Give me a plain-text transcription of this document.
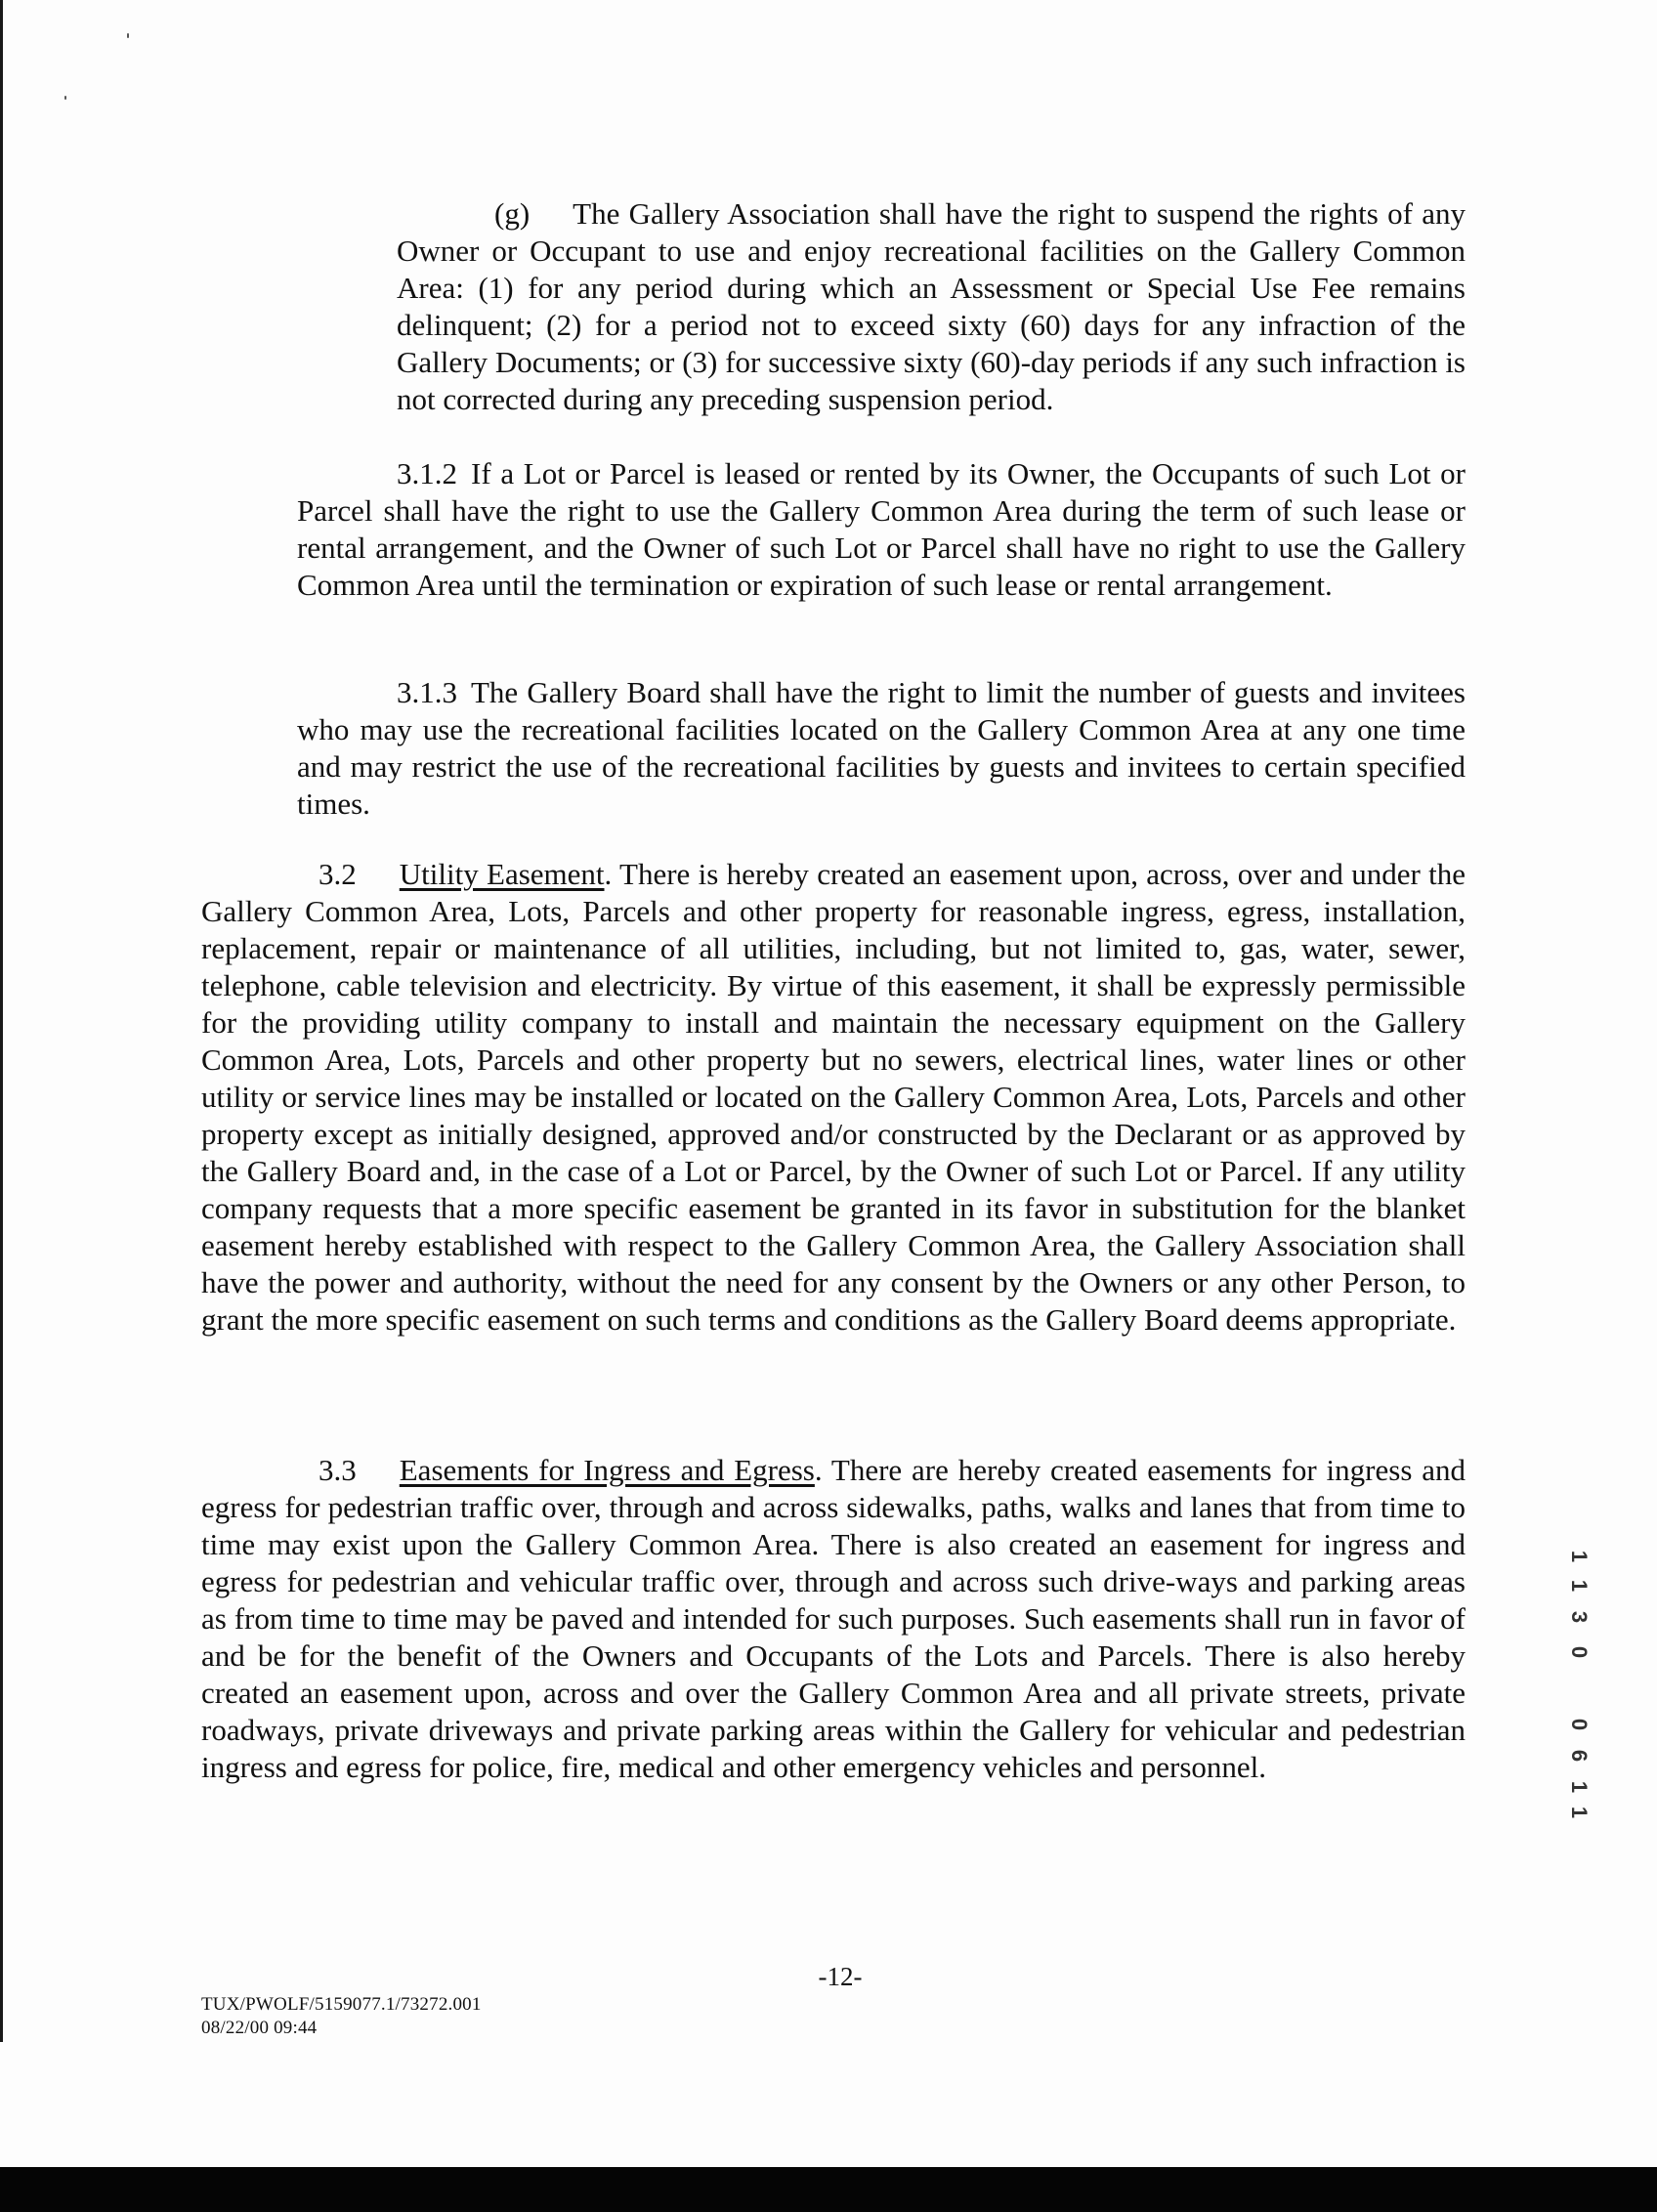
(g) The Gallery Association shall have the right to suspend the rights of any Owner or Occupant to use and enjoy recreational facilities on the Gallery Common Area: (1) for any period during which an Assessment or Special Use Fee remains delinquent; (2) for a period not to exceed sixty (60) days for any infraction of the Gallery Documents; or (3) for successive sixty (60)-day periods if any such infraction is not corrected during any preceding suspension period.

3.1.2 If a Lot or Parcel is leased or rented by its Owner, the Occupants of such Lot or Parcel shall have the right to use the Gallery Common Area during the term of such lease or rental arrangement, and the Owner of such Lot or Parcel shall have no right to use the Gallery Common Area until the termination or expiration of such lease or rental arrangement.

3.1.3 The Gallery Board shall have the right to limit the number of guests and invitees who may use the recreational facilities located on the Gallery Common Area at any one time and may restrict the use of the recreational facilities by guests and invitees to certain specified times.

3.2 Utility Easement. There is hereby created an easement upon, across, over and under the Gallery Common Area, Lots, Parcels and other property for reasonable ingress, egress, installation, replacement, repair or maintenance of all utilities, including, but not limited to, gas, water, sewer, telephone, cable television and electricity. By virtue of this easement, it shall be expressly permissible for the providing utility company to install and maintain the necessary equipment on the Gallery Common Area, Lots, Parcels and other property but no sewers, electrical lines, water lines or other utility or service lines may be installed or located on the Gallery Common Area, Lots, Parcels and other property except as initially designed, approved and/or constructed by the Declarant or as approved by the Gallery Board and, in the case of a Lot or Parcel, by the Owner of such Lot or Parcel. If any utility company requests that a more specific easement be granted in its favor in substitution for the blanket easement hereby established with respect to the Gallery Common Area, the Gallery Association shall have the power and authority, without the need for any consent by the Owners or any other Person, to grant the more specific easement on such terms and conditions as the Gallery Board deems appropriate.

3.3 Easements for Ingress and Egress. There are hereby created easements for ingress and egress for pedestrian traffic over, through and across sidewalks, paths, walks and lanes that from time to time may exist upon the Gallery Common Area. There is also created an easement for ingress and egress for pedestrian and vehicular traffic over, through and across such drive-ways and parking areas as from time to time may be paved and intended for such purposes. Such easements shall run in favor of and be for the benefit of the Owners and Occupants of the Lots and Parcels. There is also hereby created an easement upon, across and over the Gallery Common Area and all private streets, private roadways, private driveways and private parking areas within the Gallery for vehicular and pedestrian ingress and egress for police, fire, medical and other emergency vehicles and personnel.

1
1
3
0
0
6
1
1

-12-

TUX/PWOLF/5159077.1/73272.001
08/22/00 09:44
